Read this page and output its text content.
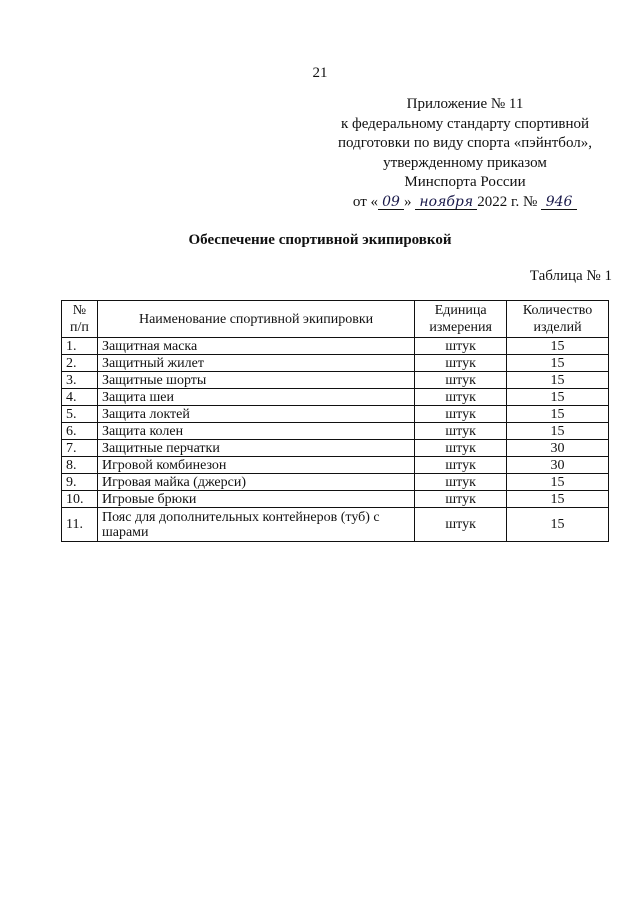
21
Приложение № 11
к федеральному стандарту спортивной
подготовки по виду спорта «пэйнтбол»,
утвержденному приказом
Минспорта России
от « 09 » ноября 2022 г. № 946
Обеспечение спортивной экипировкой
Таблица № 1
№ п/п	Наименование спортивной экипировки	Единица измерения	Количество изделий
1.	Защитная маска	штук	15
2.	Защитный жилет	штук	15
3.	Защитные шорты	штук	15
4.	Защита шеи	штук	15
5.	Защита локтей	штук	15
6.	Защита колен	штук	15
7.	Защитные перчатки	штук	30
8.	Игровой комбинезон	штук	30
9.	Игровая майка (джерси)	штук	15
10.	Игровые брюки	штук	15
11.	Пояс для дополнительных контейнеров (туб) с шарами	штук	15
